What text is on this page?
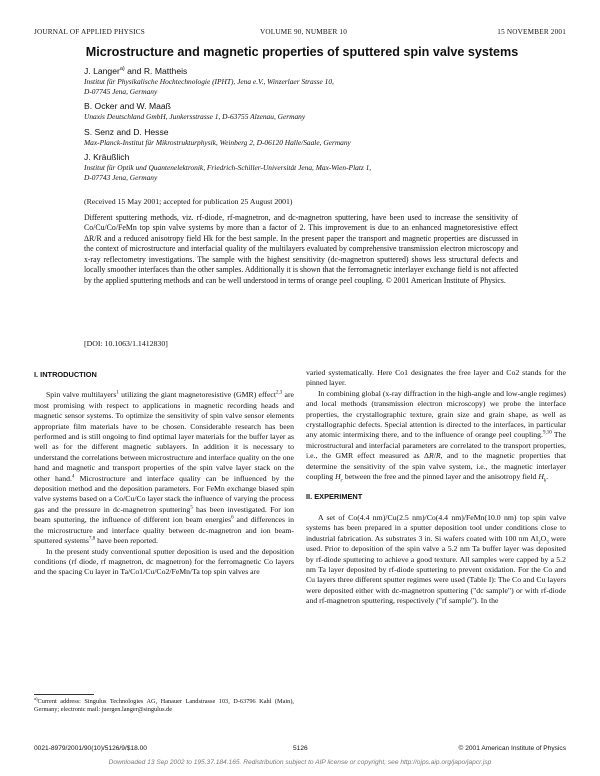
JOURNAL OF APPLIED PHYSICS	VOLUME 90, NUMBER 10	15 NOVEMBER 2001
Microstructure and magnetic properties of sputtered spin valve systems
J. Langer$^{a)}$ and R. Mattheis
Institut für Physikalische Hochtechnologie (IPHT), Jena e.V., Winzerlaer Strasse 10,
D-07745 Jena, Germany
B. Ocker and W. Maaß
Unaxis Deutschland GmbH, Junkersstrasse 1, D-63755 Alzenau, Germany
S. Senz and D. Hesse
Max-Planck-Institut für Mikrostrukturphysik, Weinberg 2, D-06120 Halle/Saale, Germany
J. Kräußlich
Institut für Optik und Quantenelektronik, Friedrich-Schiller-Universität Jena, Max-Wien-Platz 1,
D-07743 Jena, Germany
(Received 15 May 2001; accepted for publication 25 August 2001)
Different sputtering methods, viz. rf-diode, rf-magnetron, and dc-magnetron sputtering, have been used to increase the sensitivity of Co/Cu/Co/FeMn top spin valve systems by more than a factor of 2. This improvement is due to an enhanced magnetoresistive effect ΔR/R and a reduced anisotropy field Hk for the best sample. In the present paper the transport and magnetic properties are discussed in the context of microstructure and interfacial quality of the multilayers evaluated by comprehensive transmission electron microscopy and x-ray reflectometry investigations. The sample with the highest sensitivity (dc-magnetron sputtered) shows less structural defects and locally smoother interfaces than the other samples. Additionally it is shown that the ferromagnetic interlayer exchange field is not affected by the applied sputtering methods and can be well understood in terms of orange peel coupling. © 2001 American Institute of Physics.
[DOI: 10.1063/1.1412830]
I. INTRODUCTION

Spin valve multilayers$^1$ utilizing the giant magnetoresistive (GMR) effect$^{2,3}$ are most promising with respect to applications in magnetic recording heads and magnetic sensor systems. To optimize the sensitivity of spin valve sensor elements appropriate film materials have to be chosen. Considerable research has been performed and is still ongoing to find optimal layer materials for the buffer layer as well as for the different magnetic sublayers. In addition it is necessary to understand the correlations between microstructure and interface quality on the one hand and magnetic and transport properties of the spin valve layer stack on the other hand.$^4$ Microstructure and interface quality can be influenced by the deposition method and the deposition parameters. For FeMn exchange biased spin valve systems based on a Co/Cu/Co layer stack the influence of varying the process gas and the pressure in dc-magnetron sputtering$^5$ has been investigated. For ion beam sputtering, the influence of different ion beam energies$^6$ and differences in the microstructure and interface quality between dc-magnetron and ion beam-sputtered systems$^{7,8}$ have been reported.

In the present study conventional sputter deposition is used and the deposition conditions (rf diode, rf magnetron, dc magnetron) for the ferromagnetic Co layers and the spacing Cu layer in Ta/Co1/Cu/Co2/FeMn/Ta top spin valves are

varied systematically. Here Co1 designates the free layer and Co2 stands for the pinned layer.

In combining global (x-ray diffraction in the high-angle and low-angle regimes) and local methods (transmission electron microscopy) we probe the interface properties, the crystallographic texture, grain size and grain shape, as well as crystallographic defects. Special attention is directed to the interfaces, in particular any atomic intermixing there, and to the influence of orange peel coupling.$^{9,10}$ The microstructural and interfacial parameters are correlated to the transport properties, i.e., the GMR effect measured as ΔR/R, and to the magnetic properties that determine the sensitivity of the spin valve system, i.e., the magnetic interlayer coupling $H_c$ between the free and the pinned layer and the anisotropy field $H_k$.

II. EXPERIMENT

A set of Co(4.4 nm)/Cu(2.5 nm)/Co(4.4 nm)/FeMn(10.0 nm) top spin valve systems has been prepared in a sputter deposition tool under conditions close to industrial fabrication. As substrates 3 in. Si wafers coated with 100 nm $Al_2O_3$ were used. Prior to deposition of the spin valve a 5.2 nm Ta buffer layer was deposited by rf-diode sputtering to achieve a good texture. All samples were capped by a 5.2 nm Ta layer deposited by rf-diode sputtering to prevent oxidation. For the Co and Cu layers three different sputter regimes were used (Table I): The Co and Cu layers were deposited either with dc-magnetron sputtering ("dc sample") or with rf-diode and rf-magnetron sputtering, respectively ("rf sample"). In the

$^{a)}$Current address: Singulus Technologies AG, Hanauer Landstrasse 103, D-63796 Kahl (Main), Germany; electronic mail: juergen.langer@singulus.de
0021-8979/2001/90(10)/5126/9/$18.00	5126	© 2001 American Institute of Physics
Downloaded 13 Sep 2002 to 195.37.184.165. Redistribution subject to AIP license or copyright, see http://ojps.aip.org/japo/japcr.jsp
